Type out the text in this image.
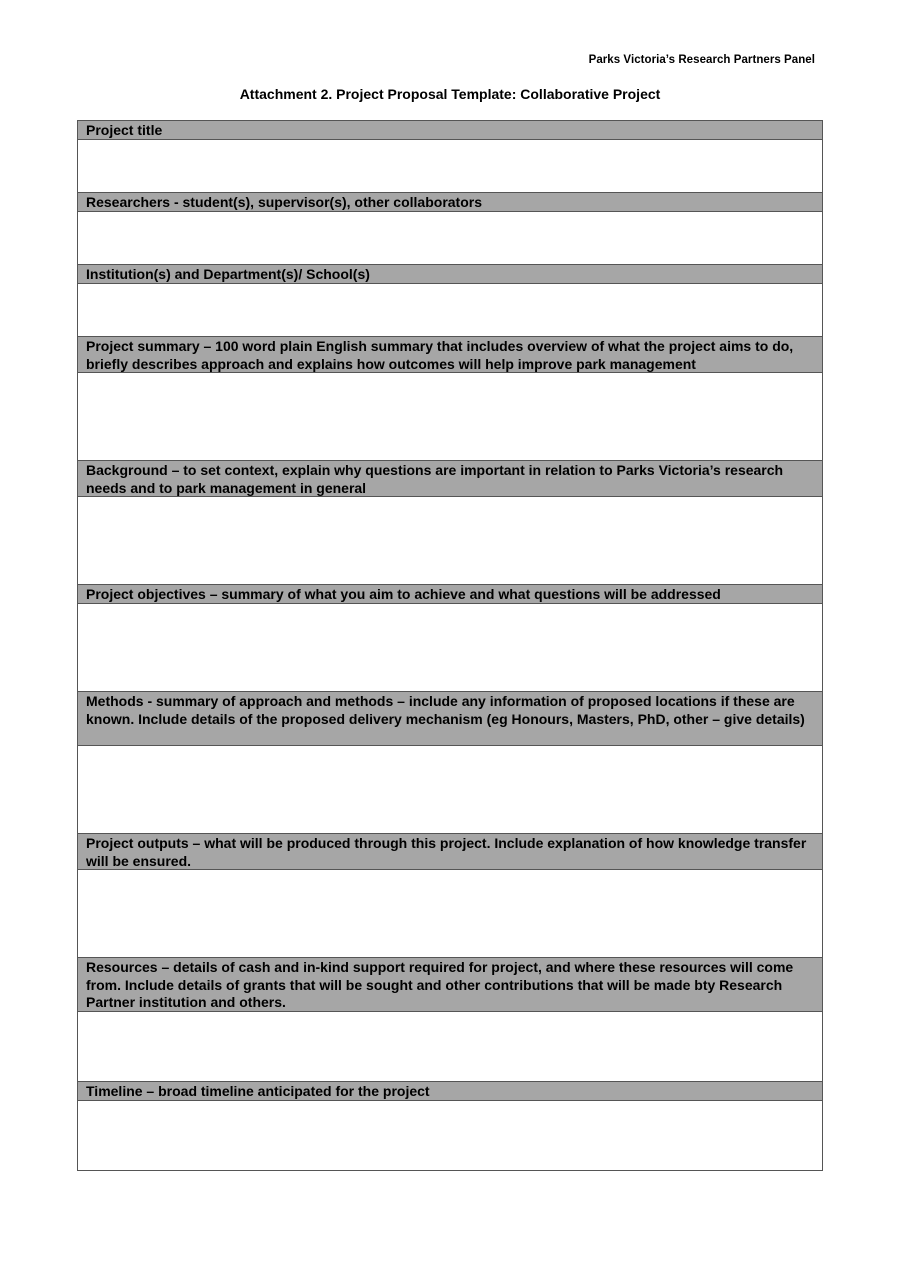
Parks Victoria’s Research Partners Panel
Attachment 2. Project Proposal Template: Collaborative Project
Project title
Researchers - student(s), supervisor(s), other collaborators
Institution(s) and Department(s)/ School(s)
Project summary – 100 word plain English summary that includes overview of what the project aims to do, briefly describes approach and explains how outcomes will help improve park management
Background – to set context, explain why questions are important in relation to Parks Victoria’s research needs and to park management in general
Project objectives – summary of what you aim to achieve and what questions will be addressed
Methods - summary of approach and methods – include any information of proposed locations if these are known. Include details of the proposed delivery mechanism (eg Honours, Masters, PhD, other – give details)
Project outputs – what will be produced through this project. Include explanation of how knowledge transfer will be ensured.
Resources – details of cash and in-kind support required for project, and where these resources will come from. Include details of grants that will be sought and other contributions that will be made bty Research Partner institution and others.
Timeline – broad timeline anticipated for the project
